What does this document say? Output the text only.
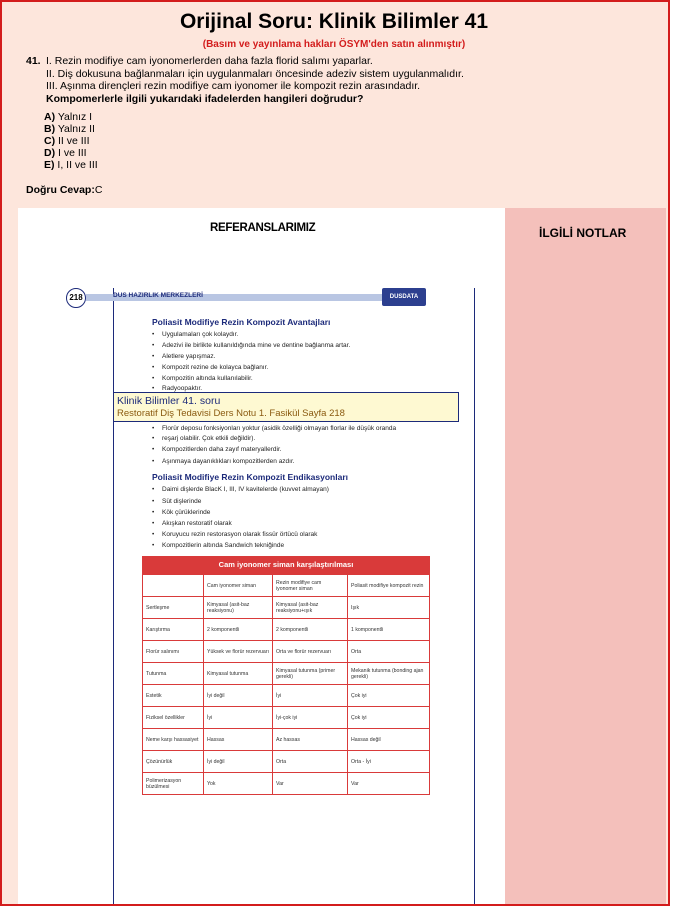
Orijinal Soru: Klinik Bilimler 41
(Basım ve yayınlama hakları ÖSYM'den satın alınmıştır)
41. I. Rezin modifiye cam iyonomerlerden daha fazla florid salımı yaparlar.
II. Diş dokusuna bağlanmaları için uygulanmaları öncesinde adeziv sistem uygulanmalıdır.
III. Aşınma dirençleri rezin modifiye cam iyonomer ile kompozit rezin arasındadır.
Kompomerlerle ilgili yukarıdaki ifadelerden hangileri doğrudur?
A) Yalnız I
B) Yalnız II
C) II ve III
D) I ve III
E) I, II ve III
Doğru Cevap:C
REFERANSLARIMIZ
218	DUS HAZIRLIK MERKEZLERİ	DUSDATA
Poliasit Modifiye Rezin Kompozit Avantajları
• Uygulamaları çok kolaydır.
• Adezivi ile birlikte kullanıldığında mine ve dentine bağlanma artar.
• Aletlere yapışmaz.
• Kompozit rezine de kolayca bağlanır.
• Kompozitin altında kullanılabilir.
• Radyoopaktır.
Klinik Bilimler 41. soru
Restoratif Diş Tedavisi Ders Notu 1. Fasikül Sayfa 218
• Florür deposu fonksiyonları yoktur (asidik özelliği olmayan florlar ile düşük oranda
• reşarj olabilir. Çok etkili değildir).
• Kompozitlerden daha zayıf materyallerdir.
• Aşınmaya dayanıklıkları kompozitlerden azdır.
Poliasit Modifiye Rezin Kompozit Endikasyonları
• Daimi dişlerde BlacK I, III, IV kavitelerde (kuvvet almayan)
• Süt dişlerinde
• Kök çürüklerinde
• Akışkan restoratif olarak
• Koruyucu rezin restorasyon olarak fissür örtücü olarak
• Kompozitlerin altında Sandwich tekniğinde
Cam iyonomer siman karşılaştırılması
	Cam iyonomer siman	Rezin modifiye cam iyonomer siman	Poliasit modifiye kompozit rezin
Sertleşme	Kimyasal (asit-baz reaksiyonu)	Kimyasal (asit-baz reaksiyonu+ışık	Işık
Karıştırma	2 komponentli	2 komponentli	1 komponentli
Florür salınımı	Yüksek ve florür rezervuarı	Orta ve florür rezervuarı	Orta
Tutunma	Kimyasal tutunma	Kimyasal tutunma (primer gerekli)	Mekanik tutunma (bonding ajan gerekli)
Estetik	İyi değil	İyi	Çok iyi
Fiziksel özellikler	İyi	İyi-çok iyi	Çok iyi
Neme karşı hassasiyet	Hassas	Az hassas	Hassas değil
Çözünürlük	İyi değil	Orta	Orta - İyi
Polimerizasyon büzülmesi	Yok	Var	Var
İLGİLİ NOTLAR
